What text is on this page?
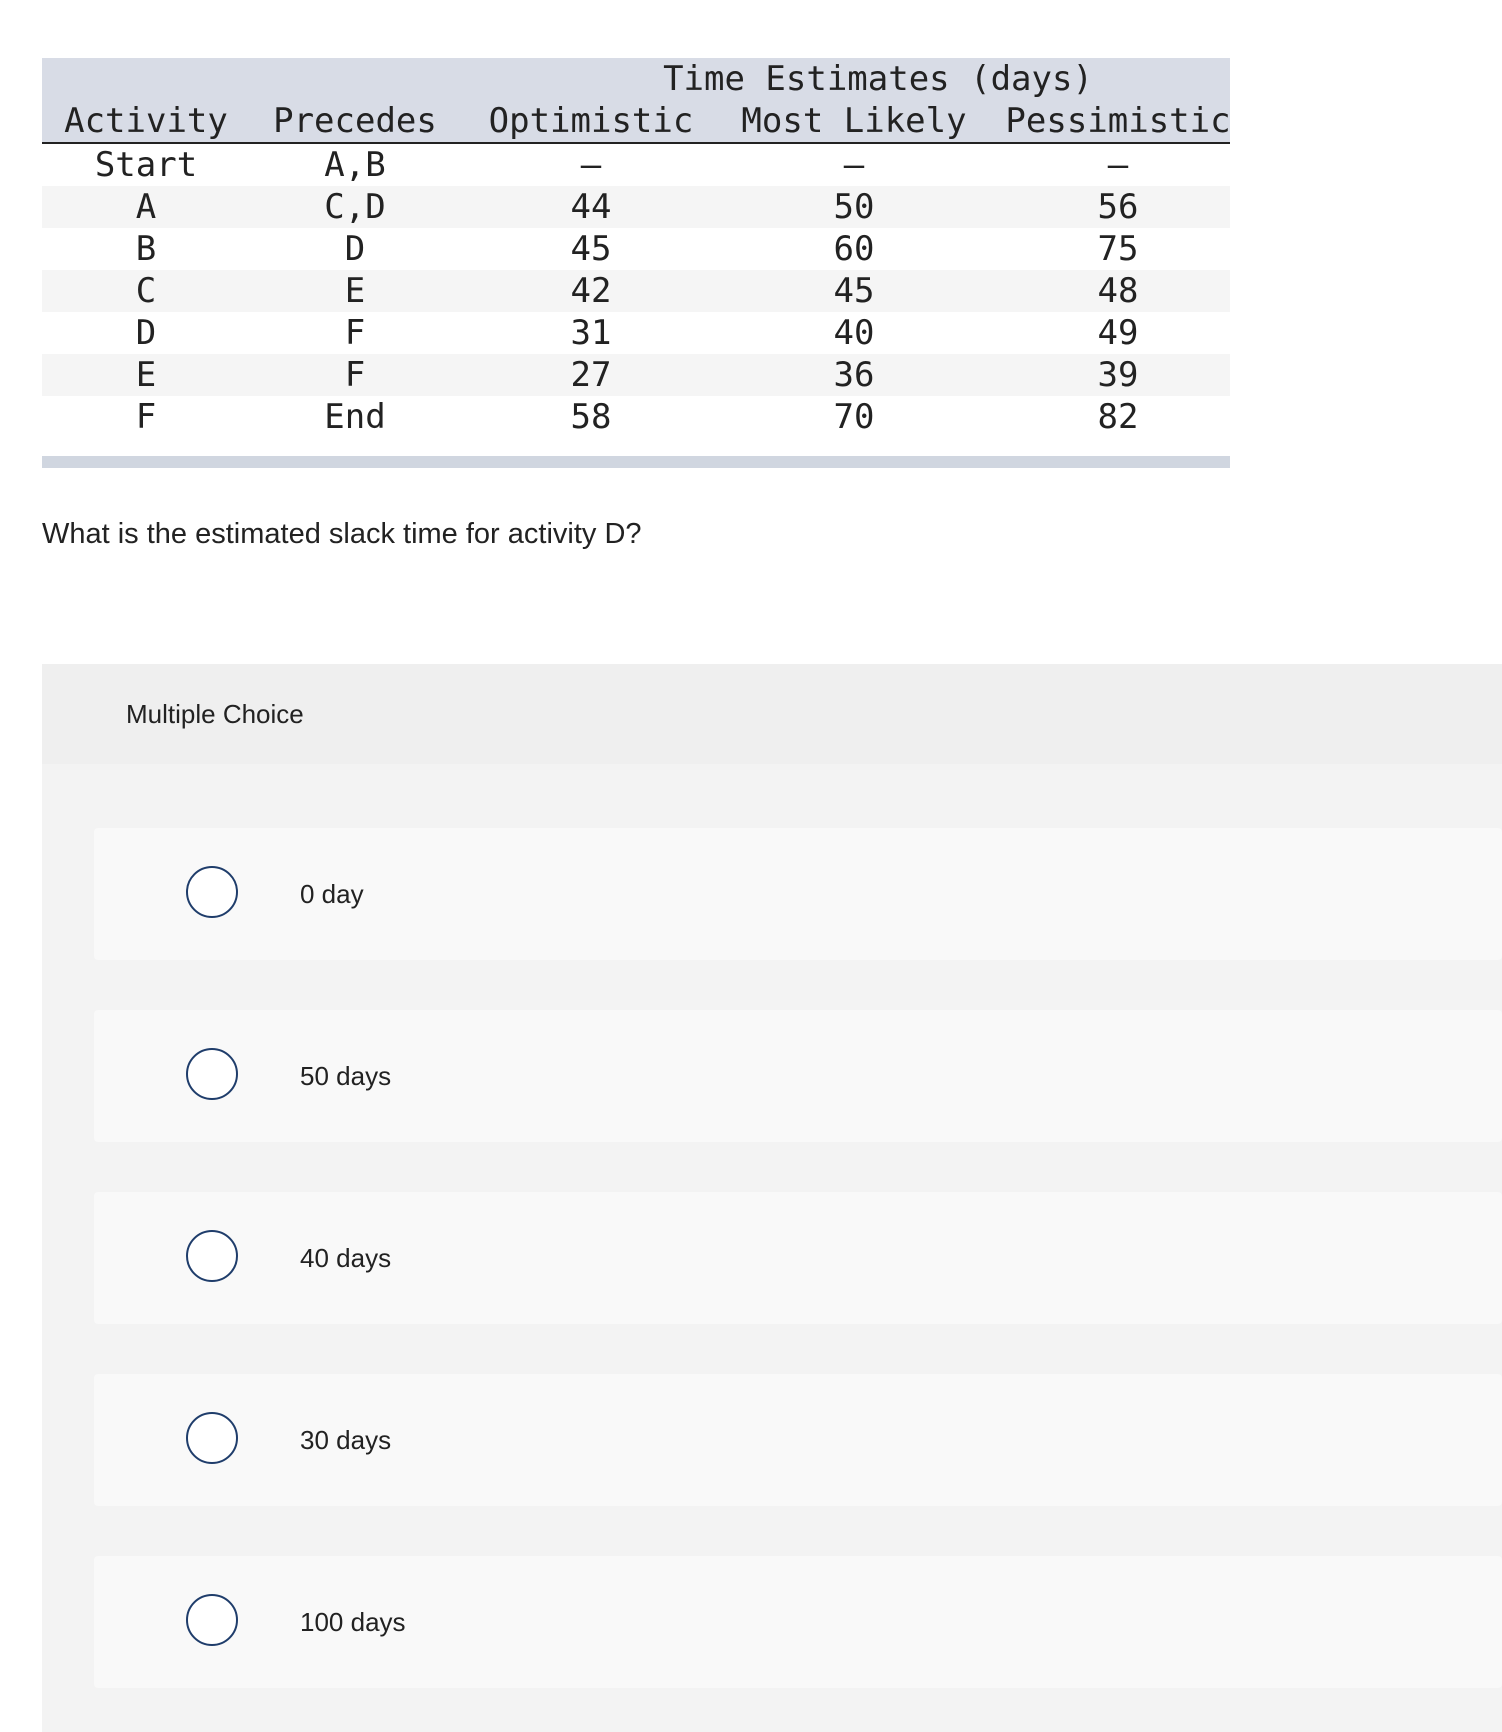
Time Estimates (days)
Activity	Precedes	Optimistic	Most Likely	Pessimistic
Start	A,B	–	–	–
A	C,D	44	50	56
B	D	45	60	75
C	E	42	45	48
D	F	31	40	49
E	F	27	36	39
F	End	58	70	82
What is the estimated slack time for activity D?
Multiple Choice
0 day
50 days
40 days
30 days
100 days
